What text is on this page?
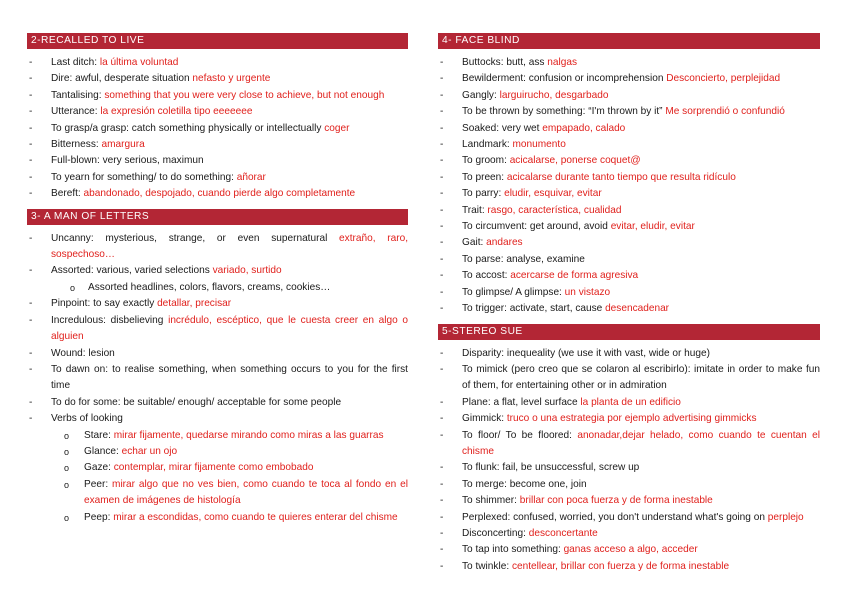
2-RECALLED TO LIVE
- Last ditch: la última voluntad
- Dire: awful, desperate situation nefasto y urgente
- Tantalising: something that you were very close to achieve, but not enough
- Utterance: la expresión coletilla tipo eeeeeee
- To grasp/a grasp: catch something physically or intellectually coger
- Bitterness: amargura
- Full-blown: very serious, maximun
- To yearn for something/ to do something: añorar
- Bereft: abandonado, despojado, cuando pierde algo completamente
3- A MAN OF LETTERS
- Uncanny: mysterious, strange, or even supernatural extraño, raro, sospechoso…
- Assorted: various, varied selections variado, surtido
o Assorted headlines, colors, flavors, creams, cookies…
- Pinpoint: to say exactly detallar, precisar
- Incredulous: disbelieving incrédulo, escéptico, que le cuesta creer en algo o alguien
- Wound: lesion
- To dawn on: to realise something, when something occurs to you for the first time
- To do for some: be suitable/ enough/ acceptable for some people
- Verbs of looking
o Stare: mirar fijamente, quedarse mirando como miras a las guarras
o Glance: echar un ojo
o Gaze: contemplar, mirar fijamente como embobado
o Peer: mirar algo que no ves bien, como cuando te toca al fondo en el examen de imágenes de histología
o Peep: mirar a escondidas, como cuando te quieres enterar del chisme
4- FACE BLIND
- Buttocks: butt, ass nalgas
- Bewilderment: confusion or incomprehension Desconcierto, perplejidad
- Gangly: larguirucho, desgarbado
- To be thrown by something: “I'm thrown by it” Me sorprendió o confundió
- Soaked: very wet empapado, calado
- Landmark: monumento
- To groom: acicalarse, ponerse coquet@
- To preen: acicalarse durante tanto tiempo que resulta ridículo
- To parry: eludir, esquivar, evitar
- Trait: rasgo, característica, cualidad
- To circumvent: get around, avoid evitar, eludir, evitar
- Gait: andares
- To parse: analyse, examine
- To accost: acercarse de forma agresiva
- To glimpse/ A glimpse: un vistazo
- To trigger: activate, start, cause desencadenar
5-STEREO SUE
- Disparity: inequeality (we use it with vast, wide or huge)
- To mimick (pero creo que se colaron al escribirlo): imitate in order to make fun of them, for entertaining other or in admiration
- Plane: a flat, level surface la planta de un edificio
- Gimmick: truco o una estrategia por ejemplo advertising gimmicks
- To floor/ To be floored: anonadar,dejar helado, como cuando te cuentan el chisme
- To flunk: fail, be unsuccessful, screw up
- To merge: become one, join
- To shimmer: brillar con poca fuerza y de forma inestable
- Perplexed: confused, worried, you don't understand what's going on perplejo
- Disconcerting: desconcertante
- To tap into something: ganas acceso a algo, acceder
- To twinkle: centellear, brillar con fuerza y de forma inestable
